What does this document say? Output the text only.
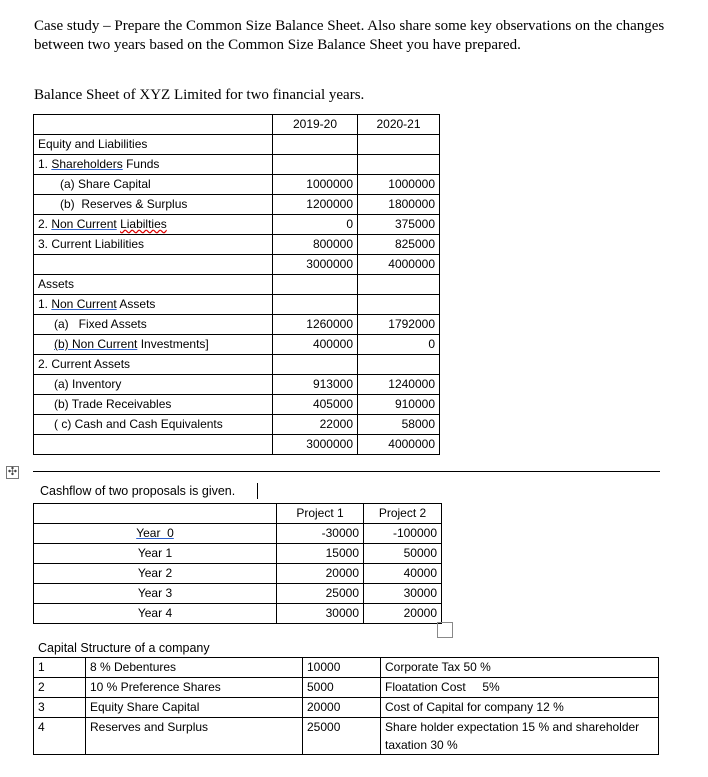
Case study – Prepare the Common Size Balance Sheet. Also share some key observations on the changes between two years based on the Common Size Balance Sheet you have prepared.
Balance Sheet of XYZ Limited for two financial years.
	2019-20	2020-21
Equity and Liabilities		
1. Shareholders Funds		
(a) Share Capital	1000000	1000000
(b)  Reserves & Surplus	1200000	1800000
2. Non Current Liabilties	0	375000
3. Current Liabilities	800000	825000
	3000000	4000000
Assets		
1. Non Current Assets		
(a)   Fixed Assets	1260000	1792000
(b) Non Current Investments]	400000	0
2. Current Assets		
(a) Inventory	913000	1240000
(b) Trade Receivables	405000	910000
( c) Cash and Cash Equivalents	22000	58000
	3000000	4000000
✣
Cashflow of two proposals is given.
	Project 1	Project 2
Year  0	-30000	-100000
Year 1	15000	50000
Year 2	20000	40000
Year 3	25000	30000
Year 4	30000	20000
Capital Structure of a company
1	8 % Debentures	10000	Corporate Tax 50 %
2	10 % Preference Shares	5000	Floatation Cost     5%
3	Equity Share Capital	20000	Cost of Capital for company 12 %
4	Reserves and Surplus	25000	Share holder expectation 15 % and shareholder taxation 30 %
